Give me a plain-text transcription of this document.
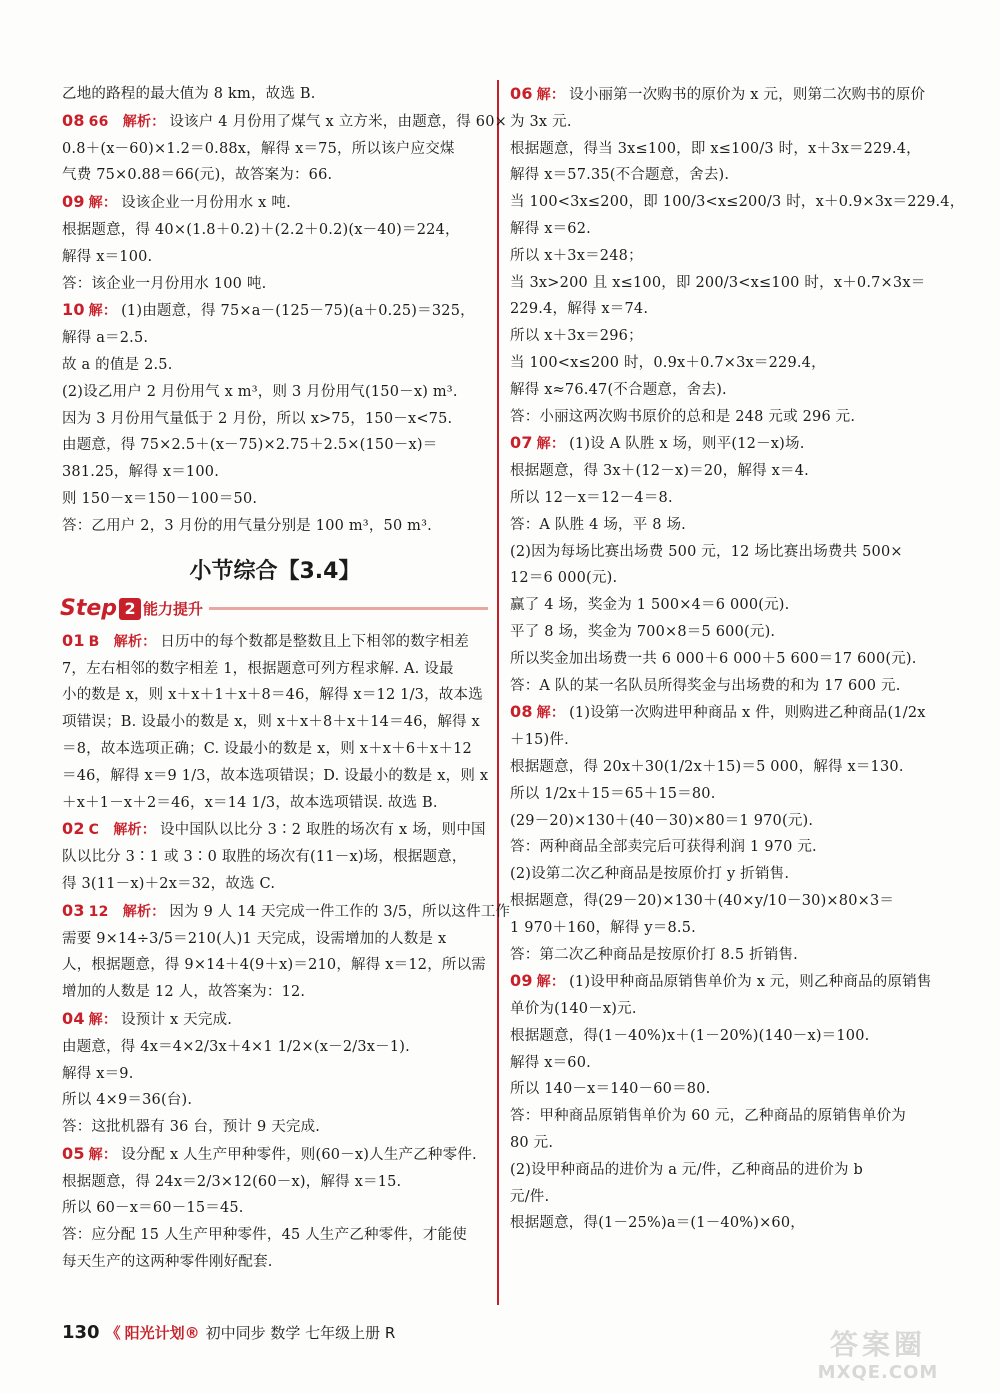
乙地的路程的最大值为 8 km，故选 B.
08 66　解析： 设该户 4 月份用了煤气 x 立方米，由题意，得 60×
0.8＋(x－60)×1.2＝0.88x，解得 x＝75，所以该户应交煤
气费 75×0.88＝66(元)，故答案为：66.
09 解： 设该企业一月份用水 x 吨.
根据题意，得 40×(1.8＋0.2)＋(2.2＋0.2)(x－40)＝224，
解得 x＝100.
答：该企业一月份用水 100 吨.
10 解： (1)由题意，得 75×a－(125－75)(a＋0.25)＝325，
解得 a＝2.5.
故 a 的值是 2.5.
(2)设乙用户 2 月份用气 x m³，则 3 月份用气(150－x) m³.
因为 3 月份用气量低于 2 月份，所以 x>75，150－x<75.
由题意，得 75×2.5＋(x－75)×2.75＋2.5×(150－x)＝
381.25，解得 x＝100.
则 150－x＝150－100＝50.
答：乙用户 2，3 月份的用气量分别是 100 m³，50 m³.
小节综合【3.4】
Step 2 能力提升
01 B　解析： 日历中的每个数都是整数且上下相邻的数字相差
7，左右相邻的数字相差 1，根据题意可列方程求解. A. 设最
小的数是 x，则 x＋x＋1＋x＋8＝46，解得 x＝12 1/3，故本选
项错误；B. 设最小的数是 x，则 x＋x＋8＋x＋14＝46，解得 x
＝8，故本选项正确；C. 设最小的数是 x，则 x＋x＋6＋x＋12
＝46，解得 x＝9 1/3，故本选项错误；D. 设最小的数是 x，则 x
＋x＋1－x＋2＝46，x＝14 1/3，故本选项错误. 故选 B.
02 C　解析： 设中国队以比分 3∶2 取胜的场次有 x 场，则中国
队以比分 3∶1 或 3∶0 取胜的场次有(11－x)场，根据题意，
得 3(11－x)＋2x＝32，故选 C.
03 12　解析： 因为 9 人 14 天完成一件工作的 3/5，所以这件工作
需要 9×14÷3/5＝210(人)1 天完成，设需增加的人数是 x
人，根据题意，得 9×14＋4(9＋x)＝210，解得 x＝12，所以需
增加的人数是 12 人，故答案为：12.
04 解： 设预计 x 天完成.
由题意，得 4x＝4×2/3x＋4×1 1/2×(x－2/3x－1).
解得 x＝9.
所以 4×9＝36(台).
答：这批机器有 36 台，预计 9 天完成.
05 解： 设分配 x 人生产甲种零件，则(60－x)人生产乙种零件.
根据题意，得 24x＝2/3×12(60－x)，解得 x＝15.
所以 60－x＝60－15＝45.
答：应分配 15 人生产甲种零件，45 人生产乙种零件，才能使
每天生产的这两种零件刚好配套.
06 解： 设小丽第一次购书的原价为 x 元，则第二次购书的原价
为 3x 元.
根据题意，得当 3x≤100，即 x≤100/3 时，x＋3x＝229.4，
解得 x＝57.35(不合题意，舍去).
当 100<3x≤200，即 100/3<x≤200/3 时，x＋0.9×3x＝229.4，
解得 x＝62.
所以 x＋3x＝248；
当 3x>200 且 x≤100，即 200/3<x≤100 时，x＋0.7×3x＝
229.4，解得 x＝74.
所以 x＋3x＝296；
当 100<x≤200 时，0.9x＋0.7×3x＝229.4，
解得 x≈76.47(不合题意，舍去).
答：小丽这两次购书原价的总和是 248 元或 296 元.
07 解： (1)设 A 队胜 x 场，则平(12－x)场.
根据题意，得 3x＋(12－x)＝20，解得 x＝4.
所以 12－x＝12－4＝8.
答：A 队胜 4 场，平 8 场.
(2)因为每场比赛出场费 500 元，12 场比赛出场费共 500×
12＝6 000(元).
赢了 4 场，奖金为 1 500×4＝6 000(元).
平了 8 场，奖金为 700×8＝5 600(元).
所以奖金加出场费一共 6 000＋6 000＋5 600＝17 600(元).
答：A 队的某一名队员所得奖金与出场费的和为 17 600 元.
08 解： (1)设第一次购进甲种商品 x 件，则购进乙种商品(1/2x
＋15)件.
根据题意，得 20x＋30(1/2x＋15)＝5 000，解得 x＝130.
所以 1/2x＋15＝65＋15＝80.
(29－20)×130＋(40－30)×80＝1 970(元).
答：两种商品全部卖完后可获得利润 1 970 元.
(2)设第二次乙种商品是按原价打 y 折销售.
根据题意，得(29－20)×130＋(40×y/10－30)×80×3＝
1 970＋160，解得 y＝8.5.
答：第二次乙种商品是按原价打 8.5 折销售.
09 解： (1)设甲种商品原销售单价为 x 元，则乙种商品的原销售
单价为(140－x)元.
根据题意，得(1－40%)x＋(1－20%)(140－x)＝100.
解得 x＝60.
所以 140－x＝140－60＝80.
答：甲种商品原销售单价为 60 元，乙种商品的原销售单价为
80 元.
(2)设甲种商品的进价为 a 元/件，乙种商品的进价为 b
元/件.
根据题意，得(1－25%)a＝(1－40%)×60，
130 《 阳光计划® 初中同步 数学 七年级上册 R	答案圈
MXQE.COM
